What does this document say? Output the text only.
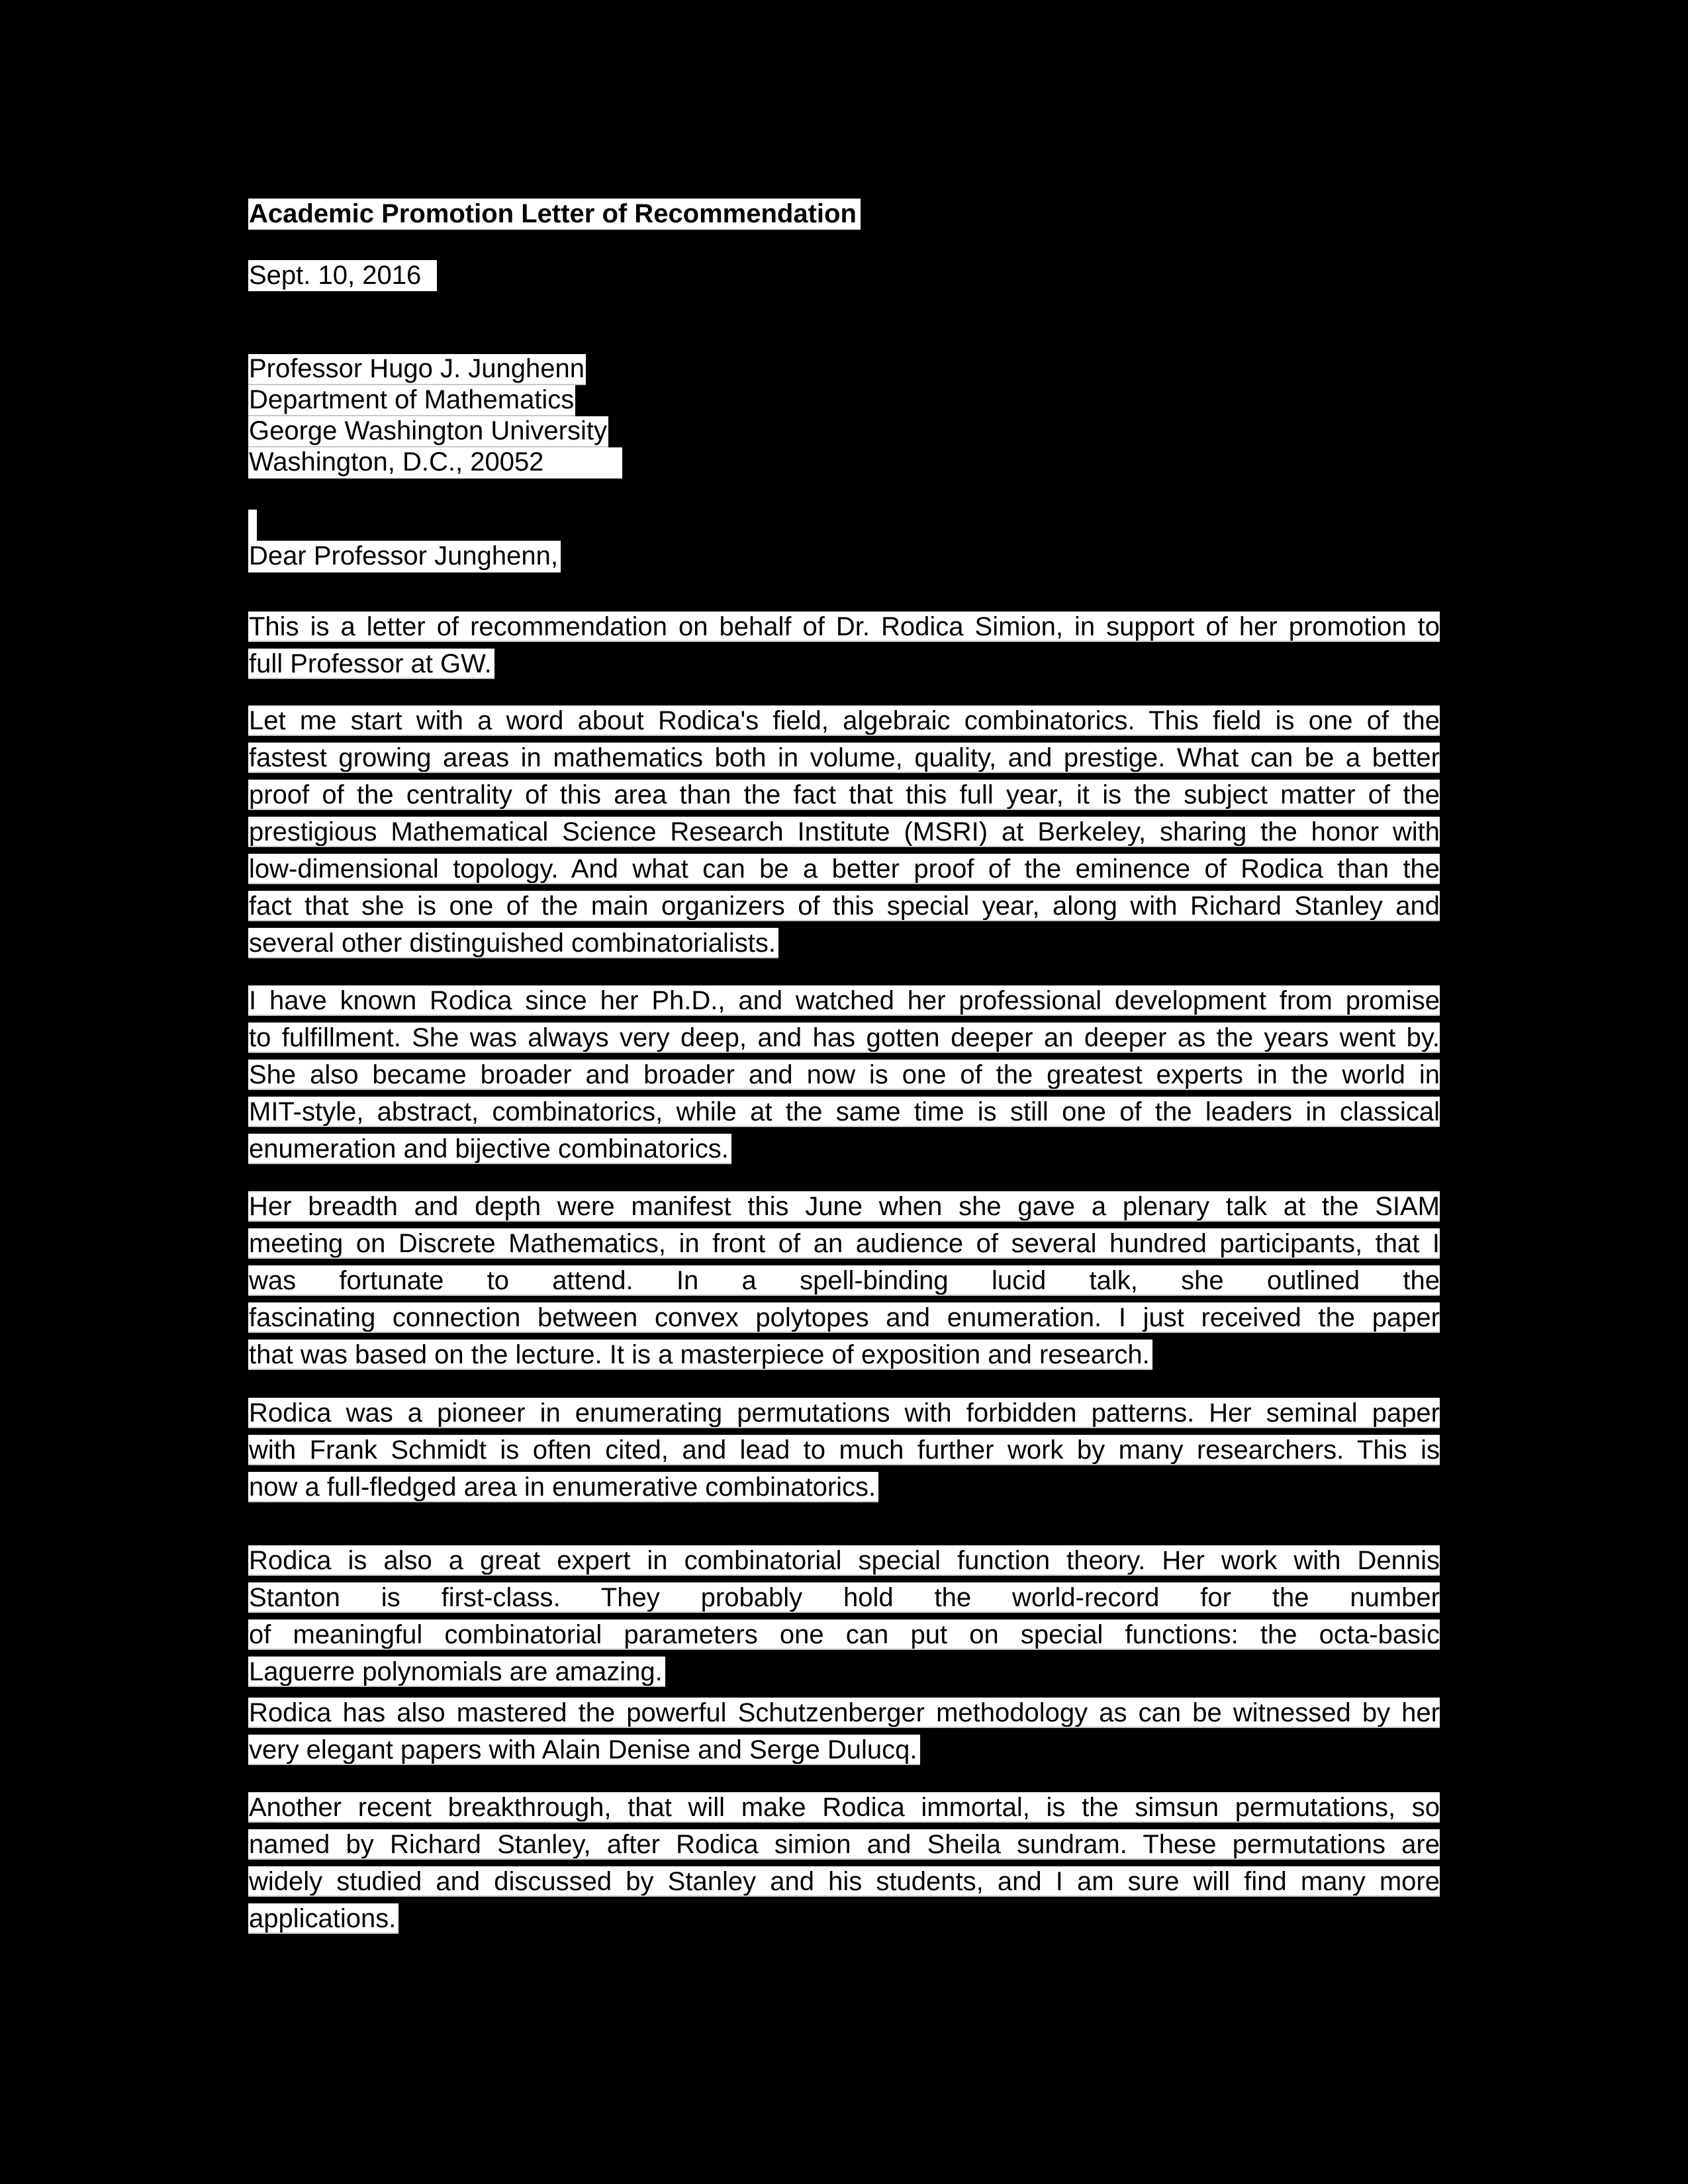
Academic Promotion Letter of Recommendation
Sept. 10, 2016
Professor Hugo J. Junghenn
Department of Mathematics
George Washington University
Washington, D.C., 20052
Dear Professor Junghenn,
This is a letter of recommendation on behalf of Dr. Rodica Simion, in support of her promotion to
full Professor at GW.
Let me start with a word about Rodica's field, algebraic combinatorics. This field is one of the
fastest growing areas in mathematics both in volume, quality, and prestige. What can be a better
proof of the centrality of this area than the fact that this full year, it is the subject matter of the
prestigious Mathematical Science Research Institute (MSRI) at Berkeley, sharing the honor with
low-dimensional topology. And what can be a better proof of the eminence of Rodica than the
fact that she is one of the main organizers of this special year, along with Richard Stanley and
several other distinguished combinatorialists.
I have known Rodica since her Ph.D., and watched her professional development from promise
to fulfillment. She was always very deep, and has gotten deeper an deeper as the years went by.
She also became broader and broader and now is one of the greatest experts in the world in
MIT-style, abstract, combinatorics, while at the same time is still one of the leaders in classical
enumeration and bijective combinatorics.
Her breadth and depth were manifest this June when she gave a plenary talk at the SIAM
meeting on Discrete Mathematics, in front of an audience of several hundred participants, that I
was fortunate to attend. In a spell-binding lucid talk, she outlined the
fascinating connection between convex polytopes and enumeration. I just received the paper
that was based on the lecture. It is a masterpiece of exposition and research.
Rodica was a pioneer in enumerating permutations with forbidden patterns. Her seminal paper
with Frank Schmidt is often cited, and lead to much further work by many researchers. This is
now a full-fledged area in enumerative combinatorics.
Rodica is also a great expert in combinatorial special function theory. Her work with Dennis
Stanton is first-class. They probably hold the world-record for the number
of meaningful combinatorial parameters one can put on special functions: the octa-basic
Laguerre polynomials are amazing.
Rodica has also mastered the powerful Schutzenberger methodology as can be witnessed by her
very elegant papers with Alain Denise and Serge Dulucq.
Another recent breakthrough, that will make Rodica immortal, is the simsun permutations, so
named by Richard Stanley, after Rodica simion and Sheila sundram. These permutations are
widely studied and discussed by Stanley and his students, and I am sure will find many more
applications.
